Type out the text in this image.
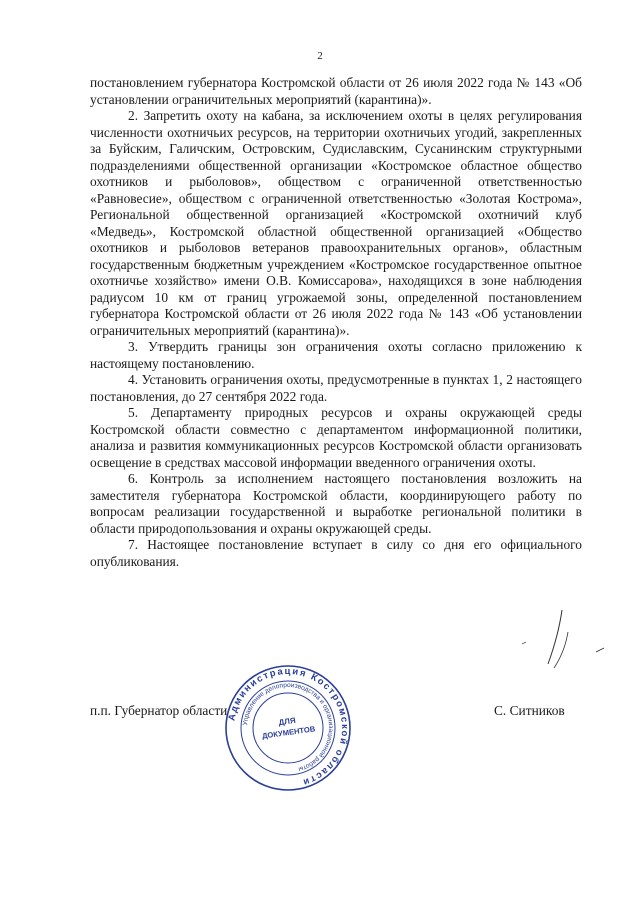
2

постановлением губернатора Костромской области от 26 июля 2022 года № 143 «Об установлении ограничительных мероприятий (карантина)».

2. Запретить охоту на кабана, за исключением охоты в целях регулирования численности охотничьих ресурсов, на территории охотничьих угодий, закрепленных за Буйским, Галичским, Островским, Судиславским, Сусанинским структурными подразделениями общественной организации «Костромское областное общество охотников и рыболовов», обществом с ограниченной ответственностью «Равновесие», обществом с ограниченной ответственностью «Золотая Кострома», Региональной общественной организацией «Костромской охотничий клуб «Медведь», Костромской областной общественной организацией «Общество охотников и рыболовов ветеранов правоохранительных органов», областным государственным бюджетным учреждением «Костромское государственное опытное охотничье хозяйство» имени О.В. Комиссарова», находящихся в зоне наблюдения радиусом 10 км от границ угрожаемой зоны, определенной постановлением губернатора Костромской области от 26 июля 2022 года № 143 «Об установлении ограничительных мероприятий (карантина)».

3. Утвердить границы зон ограничения охоты согласно приложению к настоящему постановлению.

4. Установить ограничения охоты, предусмотренные в пунктах 1, 2 настоящего постановления, до 27 сентября 2022 года.

5. Департаменту природных ресурсов и охраны окружающей среды Костромской области совместно с департаментом информационной политики, анализа и развития коммуникационных ресурсов Костромской области организовать освещение в средствах массовой информации введенного ограничения охоты.

6. Контроль за исполнением настоящего постановления возложить на заместителя губернатора Костромской области, координирующего работу по вопросам реализации государственной и выработке региональной политики в области природопользования и охраны окружающей среды.

7. Настоящее постановление вступает в силу со дня его официального опубликования.

п.п. Губернатор области	С. Ситников
Администрация Костромской области
Управление делопроизводства и организационной работы
ДЛЯ
ДОКУМЕНТОВ
